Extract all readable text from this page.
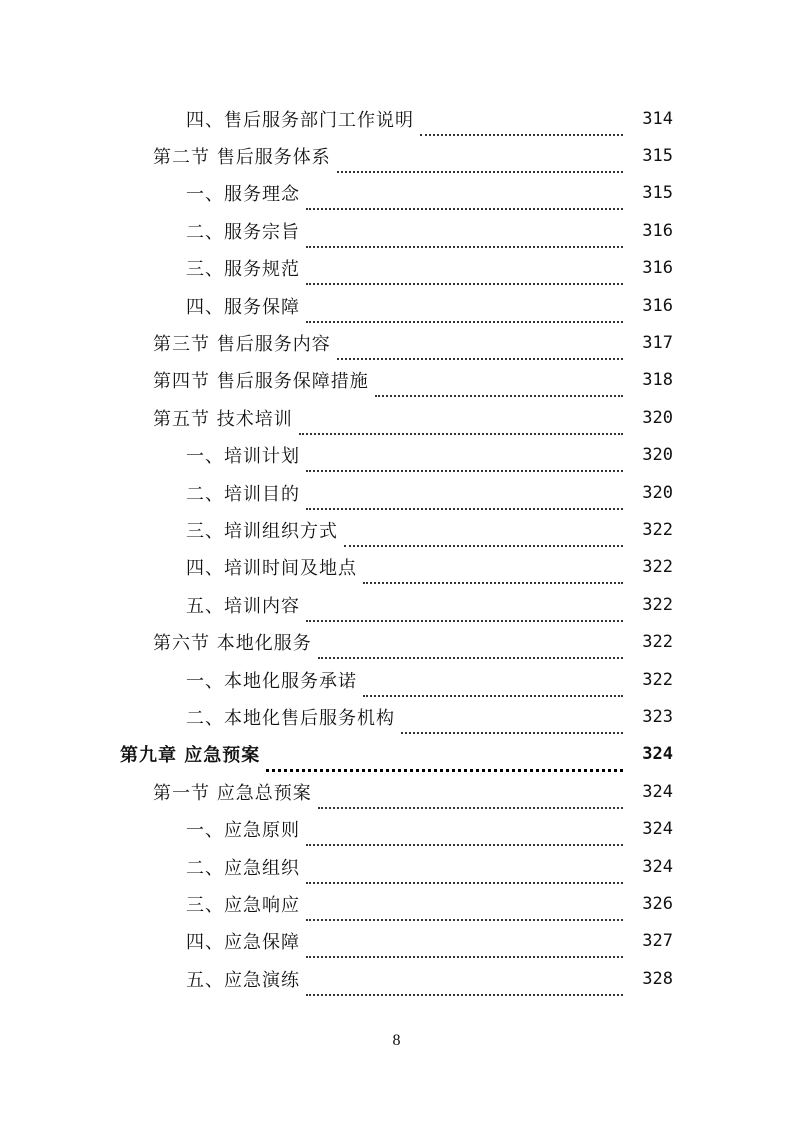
四、售后服务部门工作说明	314
第二节 售后服务体系	315
一、服务理念	315
二、服务宗旨	316
三、服务规范	316
四、服务保障	316
第三节 售后服务内容	317
第四节 售后服务保障措施	318
第五节 技术培训	320
一、培训计划	320
二、培训目的	320
三、培训组织方式	322
四、培训时间及地点	322
五、培训内容	322
第六节 本地化服务	322
一、本地化服务承诺	322
二、本地化售后服务机构	323
第九章 应急预案	324
第一节 应急总预案	324
一、应急原则	324
二、应急组织	324
三、应急响应	326
四、应急保障	327
五、应急演练	328
8
